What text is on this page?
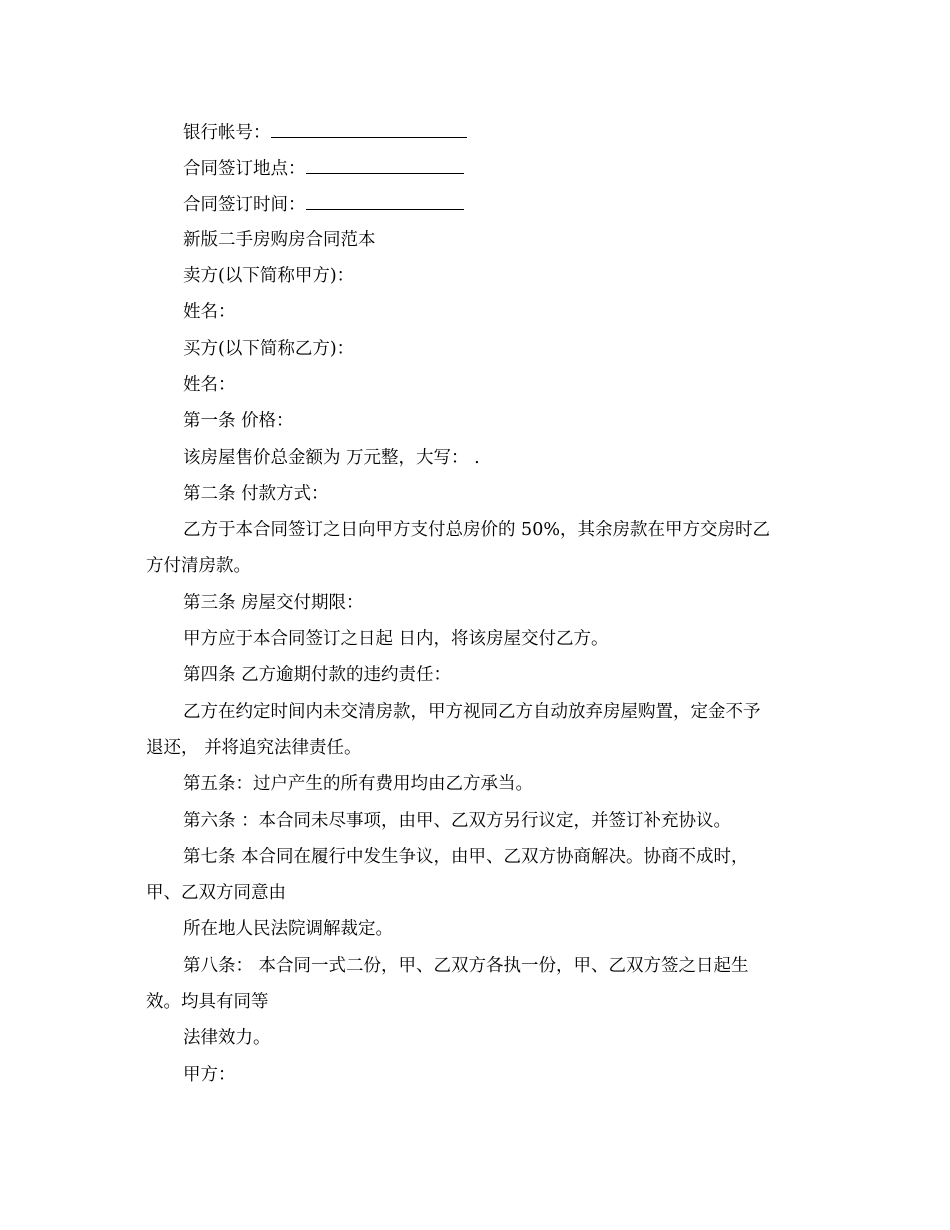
银行帐号：
合同签订地点：
合同签订时间：
新版二手房购房合同范本
卖方(以下简称甲方)：
姓名：
买方(以下简称乙方)：
姓名：
第一条 价格：
该房屋售价总金额为 万元整，大写： .
第二条 付款方式：
乙方于本合同签订之日向甲方支付总房价的 50%，其余房款在甲方交房时乙
方付清房款。
第三条 房屋交付期限：
甲方应于本合同签订之日起 日内，将该房屋交付乙方。
第四条 乙方逾期付款的违约责任：
乙方在约定时间内未交清房款，甲方视同乙方自动放弃房屋购置，定金不予
退还， 并将追究法律责任。
第五条：过户产生的所有费用均由乙方承当。
第六条 ：本合同未尽事项，由甲、乙双方另行议定，并签订补充协议。
第七条 本合同在履行中发生争议，由甲、乙双方协商解决。协商不成时，
甲、乙双方同意由
所在地人民法院调解裁定。
第八条： 本合同一式二份，甲、乙双方各执一份，甲、乙双方签之日起生
效。均具有同等
法律效力。
甲方：
